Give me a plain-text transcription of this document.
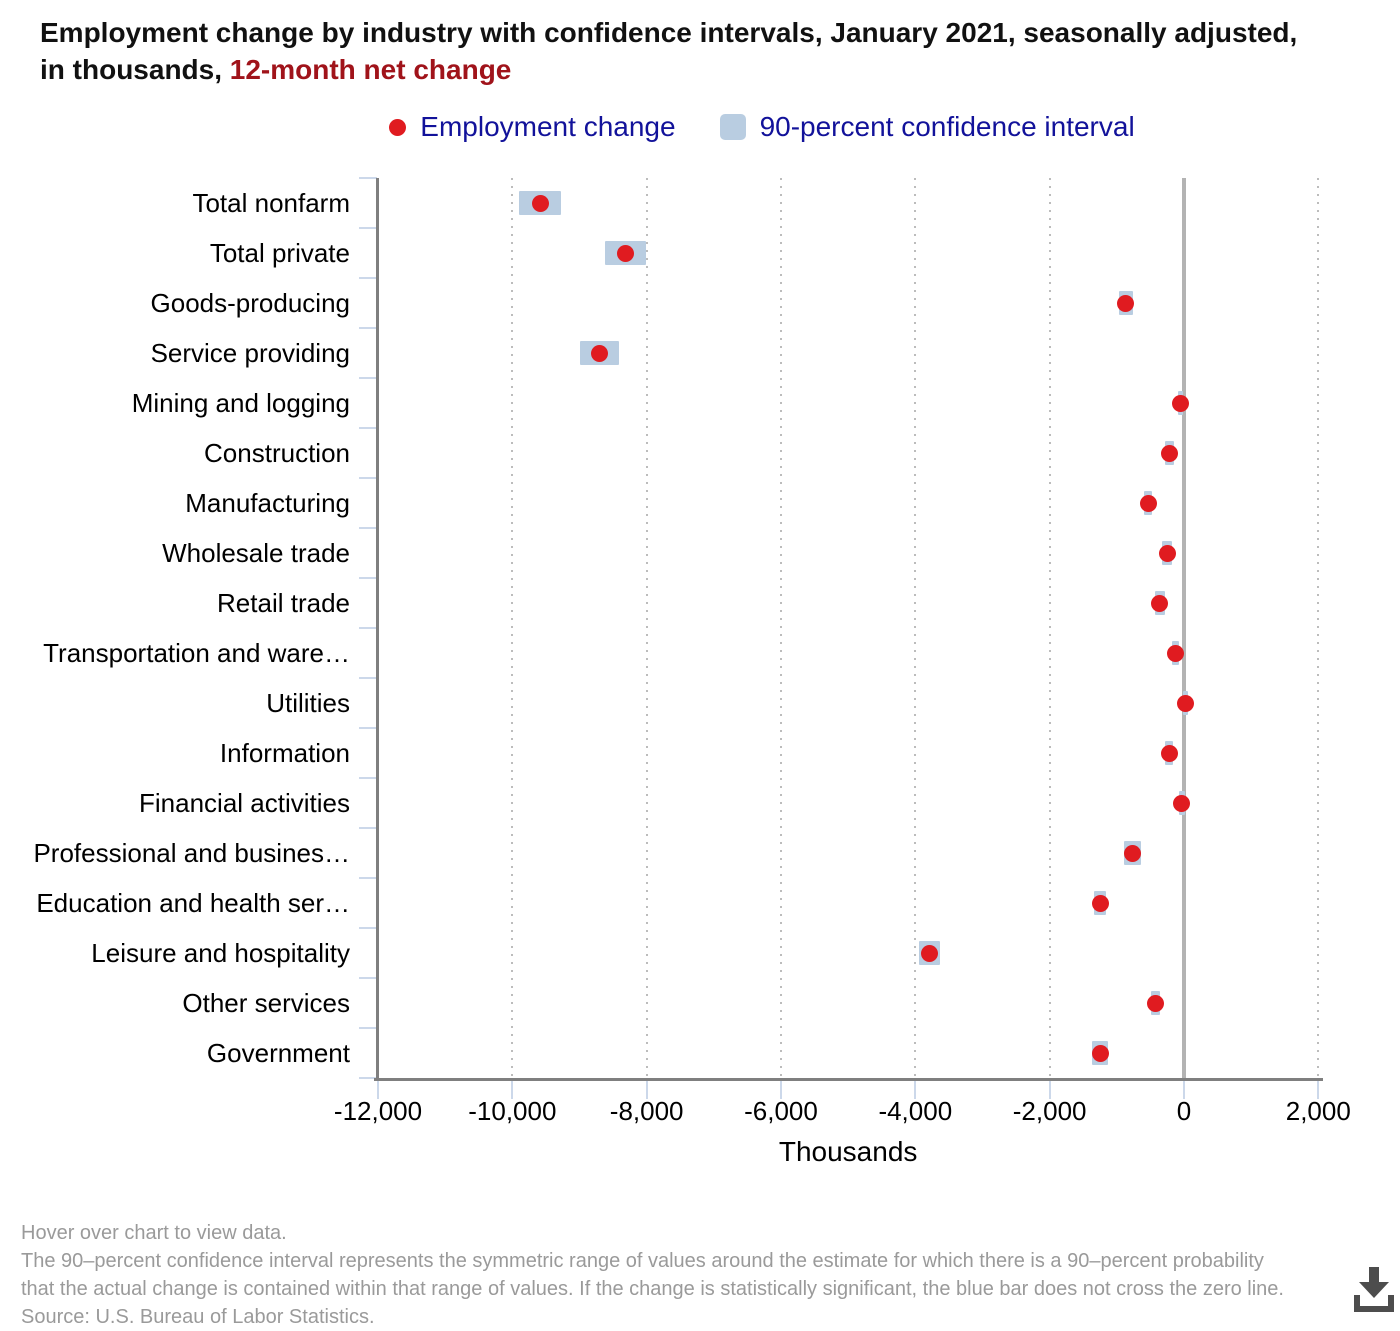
Employment change by industry with confidence intervals, January 2021, seasonally adjusted,
in thousands, 12-month net change
Employment change	90-percent confidence interval
-12,000	-10,000	-8,000	-6,000	-4,000	-2,000	0	2,000
Thousands
Total nonfarm
Total private
Goods-producing
Service providing
Mining and logging
Construction
Manufacturing
Wholesale trade
Retail trade
Transportation and ware…
Utilities
Information
Financial activities
Professional and busines…
Education and health ser…
Leisure and hospitality
Other services
Government
Hover over chart to view data.
The 90–percent confidence interval represents the symmetric range of values around the estimate for which there is a 90–percent probability
that the actual change is contained within that range of values. If the change is statistically significant, the blue bar does not cross the zero line.
Source: U.S. Bureau of Labor Statistics.
